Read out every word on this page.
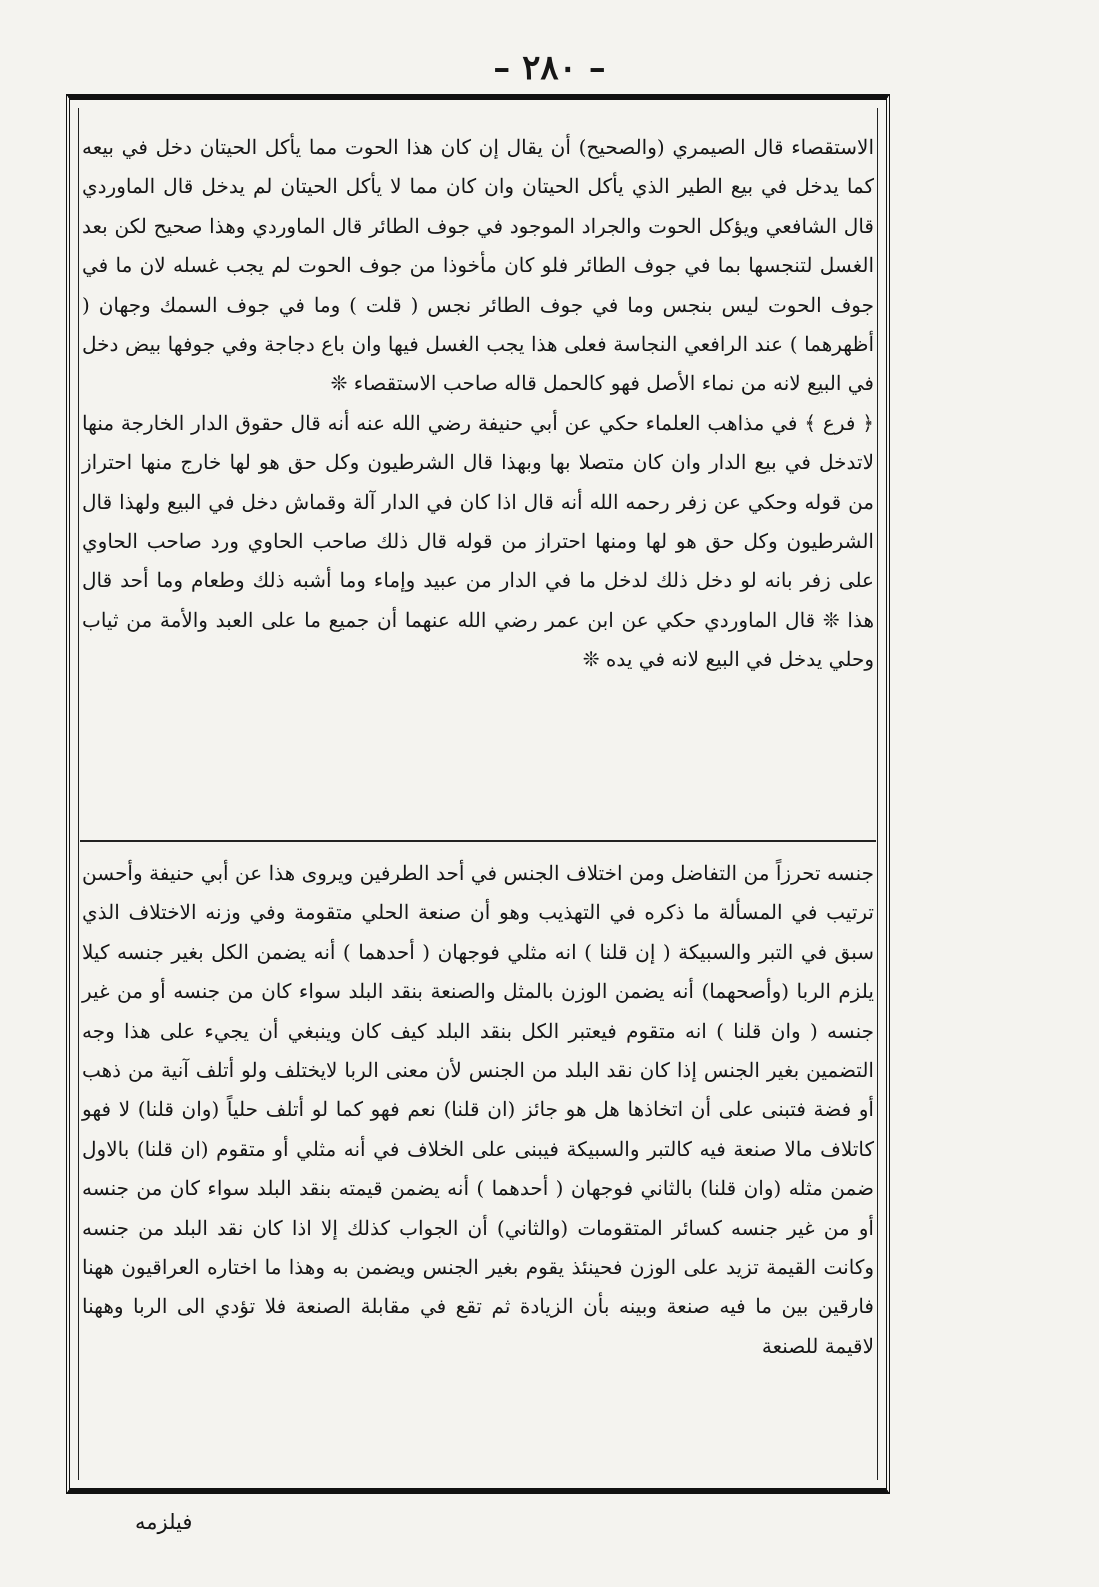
– ٢٨٠ –

الاستقصاء قال الصيمري (والصحيح) أن يقال إن كان هذا الحوت مما يأكل الحيتان دخل في بيعه كما يدخل في بيع الطير الذي يأكل الحيتان وان كان مما لا يأكل الحيتان لم يدخل قال الماوردي قال الشافعي ويؤكل الحوت والجراد الموجود في جوف الطائر قال الماوردي وهذا صحيح لكن بعد الغسل لتنجسها بما في جوف الطائر فلو كان مأخوذا من جوف الحوت لم يجب غسله لان ما في جوف الحوت ليس بنجس وما في جوف الطائر نجس ( قلت ) وما في جوف السمك وجهان ( أظهرهما ) عند الرافعي النجاسة فعلى هذا يجب الغسل فيها وان باع دجاجة وفي جوفها بيض دخل في البيع لانه من نماء الأصل فهو كالحمل قاله صاحب الاستقصاء ❊

﴿ فرع ﴾ في مذاهب العلماء حكي عن أبي حنيفة رضي الله عنه أنه قال حقوق الدار الخارجة منها لاتدخل في بيع الدار وان كان متصلا بها وبهذا قال الشرطيون وكل حق هو لها خارج منها احتراز من قوله وحكي عن زفر رحمه الله أنه قال اذا كان في الدار آلة وقماش دخل في البيع ولهذا قال الشرطيون وكل حق هو لها ومنها احتراز من قوله قال ذلك صاحب الحاوي ورد صاحب الحاوي على زفر بانه لو دخل ذلك لدخل ما في الدار من عبيد وإماء وما أشبه ذلك وطعام وما أحد قال هذا ❊ قال الماوردي حكي عن ابن عمر رضي الله عنهما أن جميع ما على العبد والأمة من ثياب وحلي يدخل في البيع لانه في يده ❊

جنسه تحرزاً من التفاضل ومن اختلاف الجنس في أحد الطرفين ويروى هذا عن أبي حنيفة وأحسن ترتيب في المسألة ما ذكره في التهذيب وهو أن صنعة الحلي متقومة وفي وزنه الاختلاف الذي سبق في التبر والسبيكة ( إن قلنا ) انه مثلي فوجهان ( أحدهما ) أنه يضمن الكل بغير جنسه كيلا يلزم الربا (وأصحهما) أنه يضمن الوزن بالمثل والصنعة بنقد البلد سواء كان من جنسه أو من غير جنسه ( وان قلنا ) انه متقوم فيعتبر الكل بنقد البلد كيف كان وينبغي أن يجيء على هذا وجه التضمين بغير الجنس إذا كان نقد البلد من الجنس لأن معنى الربا لايختلف ولو أتلف آنية من ذهب أو فضة فتبنى على أن اتخاذها هل هو جائز (ان قلنا) نعم فهو كما لو أتلف حلياً (وان قلنا) لا فهو كاتلاف مالا صنعة فيه كالتبر والسبيكة فيبنى على الخلاف في أنه مثلي أو متقوم (ان قلنا) بالاول ضمن مثله (وان قلنا) بالثاني فوجهان ( أحدهما ) أنه يضمن قيمته بنقد البلد سواء كان من جنسه أو من غير جنسه كسائر المتقومات (والثاني) أن الجواب كذلك إلا اذا كان نقد البلد من جنسه وكانت القيمة تزيد على الوزن فحينئذ يقوم بغير الجنس ويضمن به وهذا ما اختاره العراقيون ههنا فارقين بين ما فيه صنعة وبينه بأن الزيادة ثم تقع في مقابلة الصنعة فلا تؤدي الى الربا وههنا لاقيمة للصنعة

فيلزمه
